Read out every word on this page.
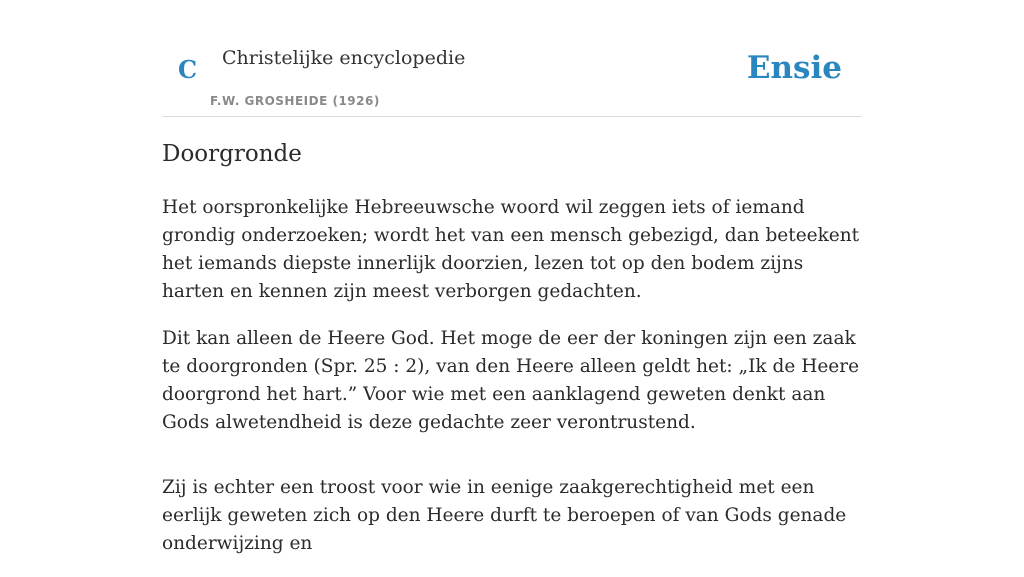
C Christelijke encyclopedie
F.W. GROSHEIDE (1926)
Ensie
Doorgronde

Het oorspronkelijke Hebreeuwsche woord wil zeggen iets of iemand grondig onderzoeken; wordt het van een mensch gebezigd, dan beteekent het iemands diepste innerlijk doorzien, lezen tot op den bodem zijns harten en kennen zijn meest verborgen gedachten.

Dit kan alleen de Heere God. Het moge de eer der koningen zijn een zaak te doorgronden (Spr. 25 : 2), van den Heere alleen geldt het: „Ik de Heere doorgrond het hart.” Voor wie met een aanklagend geweten denkt aan Gods alwetendheid is deze gedachte zeer verontrustend.

Zij is echter een troost voor wie in eenige zaakgerechtigheid met een eerlijk geweten zich op den Heere durft te beroepen of van Gods genade onderwijzing en
